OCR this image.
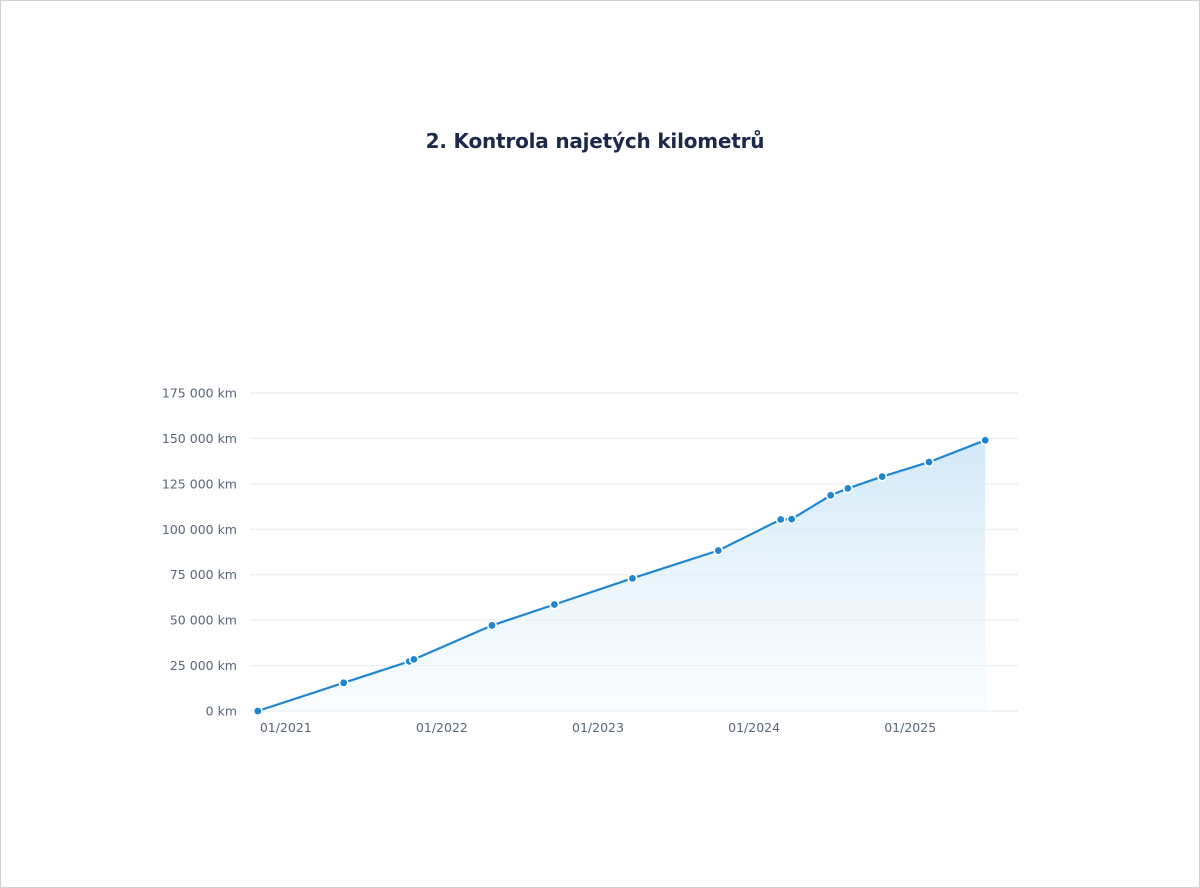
2. Kontrola najetých kilometrů
0 km
25 000 km
50 000 km
75 000 km
100 000 km
125 000 km
150 000 km
175 000 km
01/2021	01/2022	01/2023	01/2024	01/2025
